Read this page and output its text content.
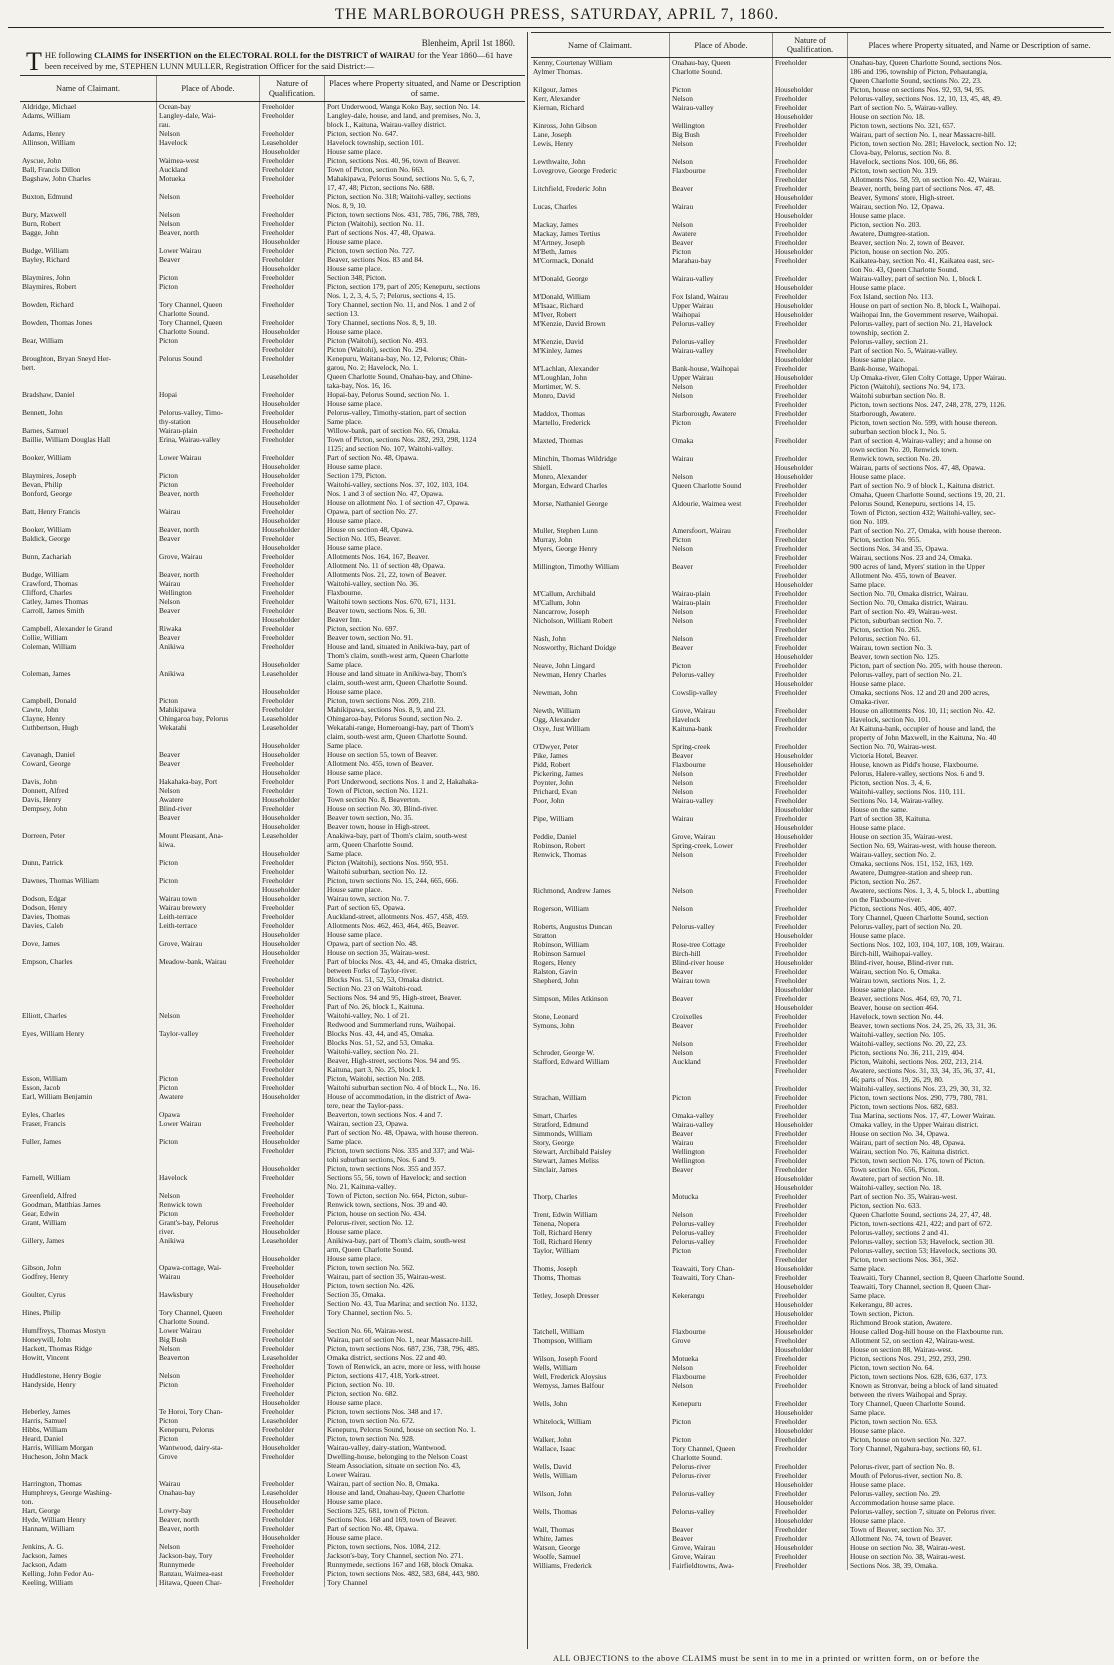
THE MARLBOROUGH PRESS, SATURDAY, APRIL 7, 1860.
Blenheim, April 1st 1860.
T HE following CLAIMS for INSERTION on the ELECTORAL ROLL for the DISTRICT of WAIRAU for the Year 1860—61 have been received by me, STEPHEN LUNN MULLER, Registration Officer for the said District:—
Name of Claimant.	Place of Abode.	Nature of Qualification.	Places where Property situated, and Name or Description of same.

Aldridge, Michael	Ocean-bay	Freeholder	Port Underwood, Wanga Koko Bay, section No. 14.
Adams, William	Langley-dale, Wai-	Freeholder	Langley-dale, house, and land, and premises, No. 3,
	rau.		block I., Kaituna, Wairau-valley district.
Adams, Henry	Nelson	Freeholder	Picton, section No. 647.
Allinson, William	Havelock	Leaseholder	Havelock township, section 101.
		Householder	House same place.
Ayscue, John	Waimea-west	Freeholder	Picton, sections Nos. 40, 96, town of Beaver.
Ball, Francis Dillon	Auckland	Freeholder	Town of Picton, section No. 663.
Bagshaw, John Charles	Motueka	Freeholder	Mahakipawa, Pelorus Sound, sections No. 5, 6, 7,
			17, 47, 48; Picton, sections No. 688.
Buxton, Edmund	Nelson	Freeholder	Picton, section No. 318; Waitohi-valley, sections
			Nos. 8, 9, 10.
Bury, Maxwell	Nelson	Freeholder	Picton, town sections Nos. 431, 785, 786, 788, 789,
Burn, Robert	Nelson	Freeholder	Picton (Waitohi), section No. 11.
Bagge, John	Beaver, north	Freeholder	Part of sections Nos. 47, 48, Opawa.
		Householder	House same place.
Budge, William	Lower Wairau	Freeholder	Picton, town section No. 727.
Bayley, Richard	Beaver	Freeholder	Beaver, sections Nos. 83 and 84.
		Householder	House same place.
Blaymires, John	Picton	Freeholder	Section 348, Picton.
Blaymires, Robert	Picton	Freeholder	Picton, section 179, part of 205; Kenepuru, sections
			Nos. 1, 2, 3, 4, 5, 7; Pelorus, sections 4, 15.
Bowden, Richard	Tory Channel, Queen	Freeholder	Tory Channel, section No. 11, and Nos. 1 and 2 of
	Charlotte Sound.		section 13.
Bowden, Thomas Jones	Tory Channel, Queen	Freeholder	Tory Channel, sections Nos. 8, 9, 10.
	Charlotte Sound.	Householder	House same place.
Bear, William	Picton	Freeholder	Picton (Waitohi), section No. 493.
		Freeholder	Picton (Waitohi), section No. 294.
Broughton, Bryan Sneyd Her-	Pelorus Sound	Freeholder	Kenepuru, Waitana-bay, No. 12, Pelorus; Ohin-
bert.			garou, No. 2; Havelock, No. 1.
		Leaseholder	Queen Charlotte Sound, Onahau-bay, and Ohine-
			taka-bay, Nos. 16, 16.
Bradshaw, Daniel	Hopai	Freeholder	Hopai-bay, Pelorus Sound, section No. 1.
		Householder	House same place.
Bennett, John	Pelorus-valley, Timo-	Freeholder	Pelorus-valley, Timothy-station, part of section
	thy-station	Householder	Same place.
Barnes, Samuel	Wairau-plain	Freeholder	Willow-bank, part of section No. 66, Omaka.
Baillie, William Douglas Hall	Erina, Wairau-valley	Freeholder	Town of Picton, sections Nos. 282, 293, 298, 1124
			1125; and section No. 107, Waitohi-valley.
Booker, William	Lower Wairau	Freeholder	Part of section No. 48, Opawa.
		Householder	House same place.
Blaymires, Joseph	Picton	Householder	Section 179, Picton.
Bevan, Philip	Picton	Freeholder	Waitohi-valley, sections Nos. 37, 102, 103, 104.
Bonford, George	Beaver, north	Freeholder	Nos. 1 and 3 of section No. 47, Opawa.
		Householder	House on allotment No. 1 of section 47, Opawa.
Batt, Henry Francis	Wairau	Freeholder	Opawa, part of section No. 27.
		Householder	House same place.
Booker, William	Beaver, north	Householder	House on section 48, Opawa.
Baldick, George	Beaver	Freeholder	Section No. 105, Beaver.
		Householder	House same place.
Bunn, Zachariah	Grove, Wairau	Freeholder	Allotments Nos. 164, 167, Beaver.
		Freeholder	Allotment No. 11 of section 48, Opawa.
Budge, William	Beaver, north	Freeholder	Allotments Nos. 21, 22, town of Beaver.
Crawford, Thomas	Wairau	Freeholder	Waitohi-valley, section No. 36.
Clifford, Charles	Wellington	Freeholder	Flaxbourne.
Catley, James Thomas	Nelson	Freeholder	Waitohi town sections Nos. 670, 671, 1131.
Carroll, James Smith	Beaver	Freeholder	Beaver town, sections Nos. 6, 30.
		Householder	Beaver Inn.
Campbell, Alexander le Grand	Riwaka	Freeholder	Picton, section No. 697.
Collie, William	Beaver	Freeholder	Beaver town, section No. 91.
Coleman, William	Anikiwa	Freeholder	House and land, situated in Anikiwa-bay, part of
			Thom's claim, south-west arm, Queen Charlotte
		Householder	Same place.
Coleman, James	Anikiwa	Leaseholder	House and land situate in Anikiwa-bay, Thom's
			claim, south-west arm, Queen Charlotte Sound.
		Householder	House same place.
Campbell, Donald	Picton	Freeholder	Picton, town sections Nos. 209, 210.
Cawte, John	Mahikipawa	Freeholder	Mahikipawa, sections Nos. 8, 9, and 23.
Clayne, Henry	Ohingaroa bay, Pelorus	Leaseholder	Ohingaroa-bay, Pelorus Sound, section No. 2.
Cuthbertson, Hugh	Wekatahi	Leaseholder	Wekatahi-range, Homeroangi-bay, part of Thom's
			claim, south-west arm, Queen Charlotte Sound.
		Householder	Same place.
Cavanagh, Daniel	Beaver	Householder	House on section 55, town of Beaver.
Coward, George	Beaver	Freeholder	Allotment No. 455, town of Beaver.
		Householder	House same place.
Davis, John	Hakahaka-bay, Port	Freeholder	Port Underwood, sections Nos. 1 and 2, Hakahaka-
Donnett, Alfred	Nelson	Freeholder	Town of Picton, section No. 1121.
Davis, Henry	Awatere	Householder	Town section No. 8, Beaverton.
Dempsey, John	Blind-river	Freeholder	House on section No. 30, Blind-river.
	Beaver	Householder	Beaver town section, No. 35.
		Householder	Beaver town, house in High-street.
Dorreen, Peter	Mount Pleasant, Ana-	Leaseholder	Anakiwa-bay, part of Thom's claim, south-west
	kiwa.		arm, Queen Charlotte Sound.
		Householder	Same place.
Dunn, Patrick	Picton	Freeholder	Picton (Waitohi), sections Nos. 950, 951.
		Freeholder	Waitohi suburban, section No. 12.
Dawnes, Thomas William	Picton	Freeholder	Picton, town sections No. 15, 244, 665, 666.
		Householder	House same place.
Dodson, Edgar	Wairau town	Householder	Wairau town, section No. 7.
Dodson, Henry	Wairau brewery	Freeholder	Part of section 65, Opawa.
Davies, Thomas	Leith-terrace	Freeholder	Auckland-street, allotments Nos. 457, 458, 459.
Davies, Caleb	Leith-terrace	Freeholder	Allotments Nos. 462, 463, 464, 465, Beaver.
		Householder	House same place.
Dove, James	Grove, Wairau	Householder	Opawa, part of section No. 48.
		Householder	House on section 35, Wairau-west.
Empson, Charles	Meadow-bank, Wairau	Freeholder	Part of blocks Nos. 43, 44, and 45, Omaka district,
			between Forks of Taylor-river.
		Freeholder	Blocks Nos. 51, 52, 53, Omaka district.
		Freeholder	Section No. 23 on Waitohi-road.
		Freeholder	Sections Nos. 94 and 95, High-street, Beaver.
		Freeholder	Part of No. 26, block I., Kaituna.
Elliott, Charles	Nelson	Freeholder	Waitohi-valley, No. 1 of 21.
		Freeholder	Redwood and Summerland runs, Waihopai.
Eyes, William Henry	Taylor-valley	Freeholder	Blocks Nos. 43, 44, and 45, Omaka.
		Freeholder	Blocks Nos. 51, 52, and 53, Omaka.
		Freeholder	Waitohi-valley, section No. 21.
		Freeholder	Beaver, High-street, sections Nos. 94 and 95.
		Freeholder	Kaituna, part 3, No. 25, block I.
Esson, William	Picton	Freeholder	Picton, Waitohi, section No. 208.
Esson, Jacob	Picton	Freeholder	Waitohi suburban section No. 4 of block L., No. 16.
Earl, William Benjamin	Awatere	Householder	House of accommodation, in the district of Awa-
			tere, near the Taylor-pass.
Eyles, Charles	Opawa	Freeholder	Beaverton, town sections Nos. 4 and 7.
Fraser, Francis	Lower Wairau	Freeholder	Wairau, section 23, Opawa.
		Freeholder	Part of section No. 48, Opawa, with house thereon.
Fuller, James	Picton	Householder	Same place.
		Freeholder	Picton, town sections Nos. 335 and 337; and Wai-
			tohi suburban sections, Nos. 6 and 9.
		Householder	Picton, town sections Nos. 355 and 357.
Farnell, William	Havelock	Freeholder	Sections 55, 56, town of Havelock; and section
			No. 21, Kaituna-valley.
Greenfield, Alfred	Nelson	Freeholder	Town of Picton, section No. 664, Picton, subur-
Goodman, Matthias James	Renwick town	Freeholder	Renwick town, sections, Nos. 39 and 40.
Gear, Edwin	Picton	Freeholder	Picton, house on section No. 434.
Grant, William	Grant's-bay, Pelorus	Freeholder	Pelorus-river, section No. 12.
	river.	Householder	House same place.
Gillery, James	Anikiwa	Leaseholder	Anikiwa-bay, part of Thom's claim, south-west
			arm, Queen Charlotte Sound.
		Householder	House same place.
Gibson, John	Opawa-cottage, Wai-	Freeholder	Picton, town section No. 562.
Godfrey, Henry	Wairau	Freeholder	Wairau, part of section 35, Wairau-west.
		Householder	Picton, town section No. 426.
Goulter, Cyrus	Hawksbury	Freeholder	Section 35, Omaka.
		Freeholder	Section No. 43, Tua Marina; and section No. 1132,
Hines, Philip	Tory Channel, Queen	Freeholder	Tory Channel, section No. 5.
	Charlotte Sound.		
Humffreys, Thomas Mostyn	Lower Wairau	Freeholder	Section No. 66, Wairau-west.
Honeywill, John	Big Bush	Freeholder	Wairau, part of section No. 1, near Massacre-hill.
Hackett, Thomas Ridge	Nelson	Freeholder	Picton, town sections Nos. 687, 236, 738, 796, 485.
Howitt, Vincent	Beaverton	Leaseholder	Omaka district, sections Nos. 22 and 40.
		Freeholder	Town of Renwick, an acre, more or less, with house
Huddlestone, Henry Bogie	Nelson	Freeholder	Picton, sections 417, 418, York-street.
Handyside, Henry	Picton	Freeholder	Picton, section No. 10.
		Freeholder	Picton, section No. 682.
		Householder	House same place.
Heberley, James	Te Horoi, Tory Chan-	Freeholder	Picton, town sections Nos. 348 and 17.
Harris, Samuel	Picton	Leaseholder	Picton, town section No. 672.
Hibbs, William	Kenepuru, Pelorus	Freeholder	Kenepuru, Pelorus Sound, house on section No. 1.
Heard, Daniel	Picton	Freeholder	Picton, town section No. 928.
Harris, William Morgan	Wantwood, dairy-sta-	Householder	Wairau-valley, dairy-station, Wantwood.
Hucheson, John Mack	Grove	Freeholder	Dwelling-house, belonging to the Nelson Coast
			Steam Association, situate on section No. 43,
			Lower Wairau.
Harrington, Thomas	Wairau	Freeholder	Wairau, part of section No. 8, Omaka.
Humphreys, George Washing-	Onahau-bay	Leaseholder	House and land, Onahau-bay, Queen Charlotte
ton.		Householder	House same place.
Hart, George	Lowry-bay	Freeholder	Sections 325, 681, town of Picton.
Hyde, William Henry	Beaver, north	Freeholder	Sections Nos. 168 and 169, town of Beaver.
Hannam, William	Beaver, north	Freeholder	Part of section No. 48, Opawa.
		Householder	House same place.
Jenkins, A. G.	Nelson	Freeholder	Picton, town sections, Nos. 1084, 212.
Jackson, James	Jackson-bay, Tory	Freeholder	Jackson's-bay, Tory Channel, section No. 271.
Jackson, Adam	Runnymede	Freeholder	Runnymede, sections 167 and 168, block Omaka.
Kelling, John Fedor Au-	Ranzau, Waimea-east	Freeholder	Picton, town sections Nos. 482, 583, 684, 443, 980.
Keeling, William	Hitawa, Queen Char-	Freeholder	Tory Channel
Name of Claimant.	Place of Abode.	Nature of Qualification.	Places where Property situated, and Name or Description of same.
Kenny, Courtenay William	Onahau-bay, Queen	Freeholder	Onahau-bay, Queen Charlotte Sound, sections Nos.
Aylmer Thomas.	Charlotte Sound.		186 and 196, township of Picton, Pehautangia,
			Queen Charlotte Sound, sections No. 22, 23.
Kilgour, James	Picton	Householder	Picton, house on sections Nos. 92, 93, 94, 95.
Kerr, Alexander	Nelson	Freeholder	Pelorus-valley, sections Nos. 12, 10, 13, 45, 48, 49.
Kiernan, Richard	Wairau-valley	Freeholder	Part of section No. 5, Wairau-valley.
		Householder	House on section No. 18.
Kinross, John Gibson	Wellington	Freeholder	Picton town, sections No. 321, 657.
Lane, Joseph	Big Bush	Freeholder	Wairau, part of section No. 1, near Massacre-hill.
Lewis, Henry	Nelson	Freeholder	Picton, town section No. 281; Havelock, section No. 12;
			Clova-bay, Pelorus, section No. 8.
Lewthwaite, John	Nelson	Freeholder	Havelock, sections Nos. 100, 66, 86.
Lovegrove, George Frederic	Flaxbourne	Freeholder	Picton, town section No. 319.
		Freeholder	Allotments Nos. 58, 59, on section No. 42, Wairau.
Litchfield, Frederic John	Beaver	Freeholder	Beaver, north, being part of sections Nos. 47, 48.
		Householder	Beaver, Symons' store, High-street.
Lucas, Charles	Wairau	Freeholder	Wairau, section No. 12, Opawa.
		Householder	House same place.
Mackay, James	Nelson	Freeholder	Picton, section No. 203.
Mackay, James Tertius	Awatere	Freeholder	Awatere, Dumgree-station.
M'Artney, Joseph	Beaver	Freeholder	Beaver, section No. 2, town of Beaver.
M'Beth, James	Picton	Householder	Picton, house on section No. 205.
M'Cormack, Donald	Marahau-bay	Freeholder	Kaikatea-bay, section No. 41, Kaikatea east, sec-
			tion No. 43, Queen Charlotte Sound.
M'Donald, George	Wairau-valley	Freeholder	Wairau-valley, part of section No. 1, block I.
		Householder	House same place.
M'Donald, William	Fox Island, Wairau	Freeholder	Fox Island, section No. 113.
M'Isaac, Richard	Upper Wairau	Householder	House on part of section No. 8, block I., Waihopai.
M'Iver, Robert	Waihopai	Householder	Waihopai Inn, the Government reserve, Waihopai.
M'Kenzie, David Brown	Pelorus-valley	Freeholder	Pelorus-valley, part of section No. 21, Havelock
			township, section 2.
M'Kenzie, David	Pelorus-valley	Freeholder	Pelorus-valley, section 21.
M'Kinley, James	Wairau-valley	Freeholder	Part of section No. 5, Wairau-valley.
		Householder	House same place.
M'Lachlan, Alexander	Bank-house, Waihopai	Freeholder	Bank-house, Waihopai.
M'Loughlan, John	Upper Wairau	Householder	Up Omaka-river, Glen Colty Cottage, Upper Wairau.
Mortimer, W. S.	Nelson	Freeholder	Picton (Waitohi), sections No. 94, 173.
Monro, David	Nelson	Freeholder	Waitohi suburban section No. 8.
		Freeholder	Picton, town sections Nos. 247, 248, 278, 279, 1126.
Maddox, Thomas	Starborough, Awatere	Freeholder	Starborough, Awatere.
Martello, Frederick	Picton	Freeholder	Picton, town section No. 599, with house thereon.
			suburban section block I., No. 5.
Maxted, Thomas	Omaka	Freeholder	Part of section 4, Wairau-valley; and a house on
			town section No. 20, Renwick town.
Minchin, Thomas Wildridge	Wairau	Freeholder	Renwick town, section No. 20.
Shiell.		Householder	Wairau, parts of sections Nos. 47, 48, Opawa.
Monro, Alexander	Nelson	Householder	House same place.
Morgan, Edward Charles	Queen Charlotte Sound	Freeholder	Part of section No. 9 of block I., Kaituna district.
		Freeholder	Omaha, Queen Charlotte Sound, sections 19, 20, 21.
Morse, Nathaniel George	Aldourie, Waimea west	Freeholder	Pelorus Sound, Kenepuru, sections 14, 15.
		Freeholder	Town of Picton, section 432; Waitohi-valley, sec-
			tion No. 109.
Muller, Stephen Lunn	Amersfoort, Wairau	Freeholder	Part of section No. 27, Omaka, with house thereon.
Murray, John	Picton	Freeholder	Picton, section No. 955.
Myers, George Henry	Nelson	Freeholder	Sections Nos. 34 and 35, Opawa.
		Freeholder	Wairau, sections Nos. 23 and 24, Omaka.
Millington, Timothy William	Beaver	Freeholder	900 acres of land, Myers' station in the Upper
		Freeholder	Allotment No. 455, town of Beaver.
		Householder	Same place.
M'Callum, Archibald	Wairau-plain	Freeholder	Section No. 70, Omaka district, Wairau.
M'Callum, John	Wairau-plain	Freeholder	Section No. 70, Omaka district, Wairau.
Nancarrow, Joseph	Nelson	Freeholder	Part of section No. 49, Wairau-west.
Nicholson, William Robert	Nelson	Freeholder	Picton, suburban section No. 7.
		Freeholder	Picton, section No. 265.
Nash, John	Nelson	Freeholder	Pelorus, section No. 61.
Nosworthy, Richard Doidge	Beaver	Freeholder	Wairau, town section No. 3.
		Householder	Beaver, town section No. 125.
Neave, John Lingard	Picton	Freeholder	Picton, part of section No. 205, with house thereon.
Newman, Henry Charles	Pelorus-valley	Freeholder	Pelorus-valley, part of section No. 21.
		Householder	House same place.
Newman, John	Cowslip-valley	Freeholder	Omaka, sections Nos. 12 and 20 and 200 acres,
			Omaka-river.
Newth, William	Grove, Wairau	Freeholder	House on allotments Nos. 10, 11; section No. 42.
Ogg, Alexander	Havelock	Freeholder	Havelock, section No. 101.
Oxye, Just William	Kaituna-bank	Freeholder	At Kaituna-bank, occupier of house and land, the
			property of John Maxwell, in the Kaituna, No. 40
O'Dwyer, Peter	Spring-creek	Freeholder	Section No. 70, Wairau-west.
Pike, James	Beaver	Householder	Victoria Hotel, Beaver.
Pidd, Robert	Flaxbourne	Householder	House, known as Pidd's house, Flaxbourne.
Pickering, James	Nelson	Freeholder	Pelorus, Halere-valley, sections Nos. 6 and 9.
Poynter, John	Nelson	Freeholder	Picton, section Nos. 3, 4, 6.
Prichard, Evan	Nelson	Freeholder	Waitohi-valley, sections Nos. 110, 111.
Poor, John	Wairau-valley	Freeholder	Sections No. 14, Wairau-valley.
		Householder	House on the same.
Pipe, William	Wairau	Freeholder	Part of section 38, Kaituna.
		Householder	House same place.
Peddie, Daniel	Grove, Wairau	Householder	House on section 35, Wairau-west.
Robinson, Robert	Spring-creek, Lower	Freeholder	Section No. 69, Wairau-west, with house thereon.
Renwick, Thomas	Nelson	Freeholder	Wairau-valley, section No. 2.
		Freeholder	Omaka, sections Nos. 151, 152, 163, 169.
		Freeholder	Awatere, Dumgree-station and sheep run.
		Freeholder	Picton, section No. 267.
Richmond, Andrew James	Nelson	Freeholder	Awatere, sections Nos. 1, 3, 4, 5, block I., abutting
			on the Flaxbourne-river.
Rogerson, William	Nelson	Freeholder	Picton, sections Nos. 405, 406, 407.
		Freeholder	Tory Channel, Queen Charlotte Sound, section
Roberts, Augustus Duncan	Pelorus-valley	Freeholder	Pelorus-valley, part of section No. 20.
Stratton		Householder	House same place.
Robinson, William	Rose-tree Cottage	Freeholder	Sections Nos. 102, 103, 104, 107, 108, 109, Wairau.
Robinson Samuel	Birch-hill	Freeholder	Birch-hill, Waihopai-valley.
Rogers, Henry	Blind-river house	Householder	Blind-river, house, Blind-river run.
Ralston, Gavin	Beaver	Freeholder	Wairau, section No. 6, Omaka.
Shepherd, John	Wairau town	Freeholder	Wairau town, sections Nos. 1, 2.
		Householder	House same place.
Simpson, Miles Atkinson	Beaver	Freeholder	Beaver, sections Nos. 464, 69, 70, 71.
		Householder	Beaver, house on section 464.
Stone, Leonard	Croixelles	Freeholder	Havelock, town section No. 44.
Symons, John	Beaver	Freeholder	Beaver, town sections Nos. 24, 25, 26, 33, 31, 36.
		Freeholder	Waitohi-valley, section No. 105.
	Nelson	Freeholder	Waitohi-valley, sections No. 20, 22, 23.
Schroder, George W.	Nelson	Freeholder	Picton, sections No. 36, 211, 219, 404.
Stafford, Edward William	Auckland	Freeholder	Picton, Waitohi, sections Nos. 202, 213, 214.
		Freeholder	Awatere, sections Nos. 31, 33, 34, 35, 36, 37, 41,
			46; parts of Nos. 19, 26, 29, 80.
		Freeholder	Waitohi-valley, sections Nos. 23, 29, 30, 31, 32.
Strachan, William	Picton	Freeholder	Picton, town sections Nos. 290, 779, 780, 781.
		Freeholder	Picton, town sections Nos. 682, 683.
Smart, Charles	Omaka-valley	Freeholder	Tua Marina, sections Nos. 17, 47, Lower Wairau.
Stratford, Edmund	Wairau-valley	Householder	Omaka valley, in the Upper Wairau district.
Simmonds, William	Beaver	Freeholder	House on section No. 34, Opawa.
Story, George	Wairau	Freeholder	Wairau, part of section No. 48, Opawa.
Stewart, Archibald Paisley	Wellington	Freeholder	Wairau, section No. 76, Kaituna district.
Stewart, James Meliss	Wellington	Freeholder	Picton, town section No. 176, town of Picton.
Sinclair, James	Beaver	Freeholder	Town section No. 656, Picton.
		Householder	Awatere, part of section No. 18.
		Householder	Waitohi-valley, section No. 18.
Thorp, Charles	Motucka	Freeholder	Part of section No. 35, Wairau-west.
		Freeholder	Picton, section No. 633.
Trent, Edwin William	Nelson	Freeholder	Queen Charlotte Sound, sections 24, 27, 47, 48.
Tenena, Nopera	Pelorus-valley	Freeholder	Picton, town-sections 421, 422; and part of 672.
Toll, Richard Henry	Pelorus-valley	Freeholder	Pelorus-valley, sections 2 and 41.
Toll, Richard Henry	Pelorus-valley	Freeholder	Pelorus-valley, section 53; Havelock, section 30.
Taylor, William	Picton	Freeholder	Pelorus-valley, section 53; Havelock, sections 30.
		Freeholder	Picton, town sections Nos. 361, 362.
Thoms, Joseph	Teawaiti, Tory Chan-	Householder	Same place.
Thoms, Thomas	Teawaiti, Tory Chan-	Freeholder	Teawaiti, Tory Channel, section 8, Queen Charlotte Sound.
		Householder	Teawaiti, Tory Channel, section 8, Queen Char-
Tetley, Joseph Dresser	Kekerangu	Freeholder	Same place.
		Householder	Kekerangu, 80 acres.
		Householder	Town section, Picton.
		Freeholder	Richmond Brook station, Awatere.
Tatchell, William	Flaxbourne	Householder	House called Dog-hill house on the Flaxbourne run.
Thompson, William	Grove	Freeholder	Allotment 52, on section 42, Wairau-west.
		Householder	House on section 88, Wairau-west.
Wilson, Joseph Foord	Motueka	Freeholder	Picton, sections Nos. 291, 292, 293, 290.
Wells, William	Nelson	Freeholder	Picton, town section No. 64.
Well, Frederick Aloysius	Flaxbourne	Freeholder	Picton, town sections Nos. 628, 636, 637, 173.
Wemyss, James Balfour	Nelson	Freeholder	Known as Stronvar, being a block of land situated
			between the rivers Waihopai and Spray.
Wells, John	Kenepuru	Freeholder	Tory Channel, Queen Charlotte Sound.
		Householder	Same place.
Whitelock, William	Picton	Freeholder	Picton, town section No. 653.
		Householder	House same place.
Walker, John	Picton	Freeholder	Picton, house on town section No. 327.
Wallace, Isaac	Tory Channel, Queen	Freeholder	Tory Channel, Ngahura-bay, sections 60, 61.
	Charlotte Sound.		
Wells, David	Pelorus-river	Freeholder	Pelorus-river, part of section No. 8.
Wells, William	Pelorus-river	Freeholder	Mouth of Pelorus-river, section No. 8.
		Householder	House same place.
Wilson, John	Pelorus-valley	Freeholder	Pelorus-valley, section No. 29.
		Householder	Accommodation house same place.
Wells, Thomas	Pelorus-valley	Freeholder	Pelorus-valley, section 7, situate on Pelorus river.
		Householder	House same place.
Wall, Thomas	Beaver	Freeholder	Town of Beaver, section No. 37.
White, James	Beaver	Freeholder	Allotment No. 74, town of Beaver.
Watson, George	Grove, Wairau	Householder	House on section No. 38, Wairau-west.
Woolfe, Samuel	Grove, Wairau	Freeholder	House on section No. 38, Wairau-west.
Williams, Frederick	Fairfieldtowns, Awa-	Freeholder	Sections Nos. 38, 39, Omaka.
ALL OBJECTIONS to the above CLAIMS must be sent in to me in a printed or written form, on or before the
